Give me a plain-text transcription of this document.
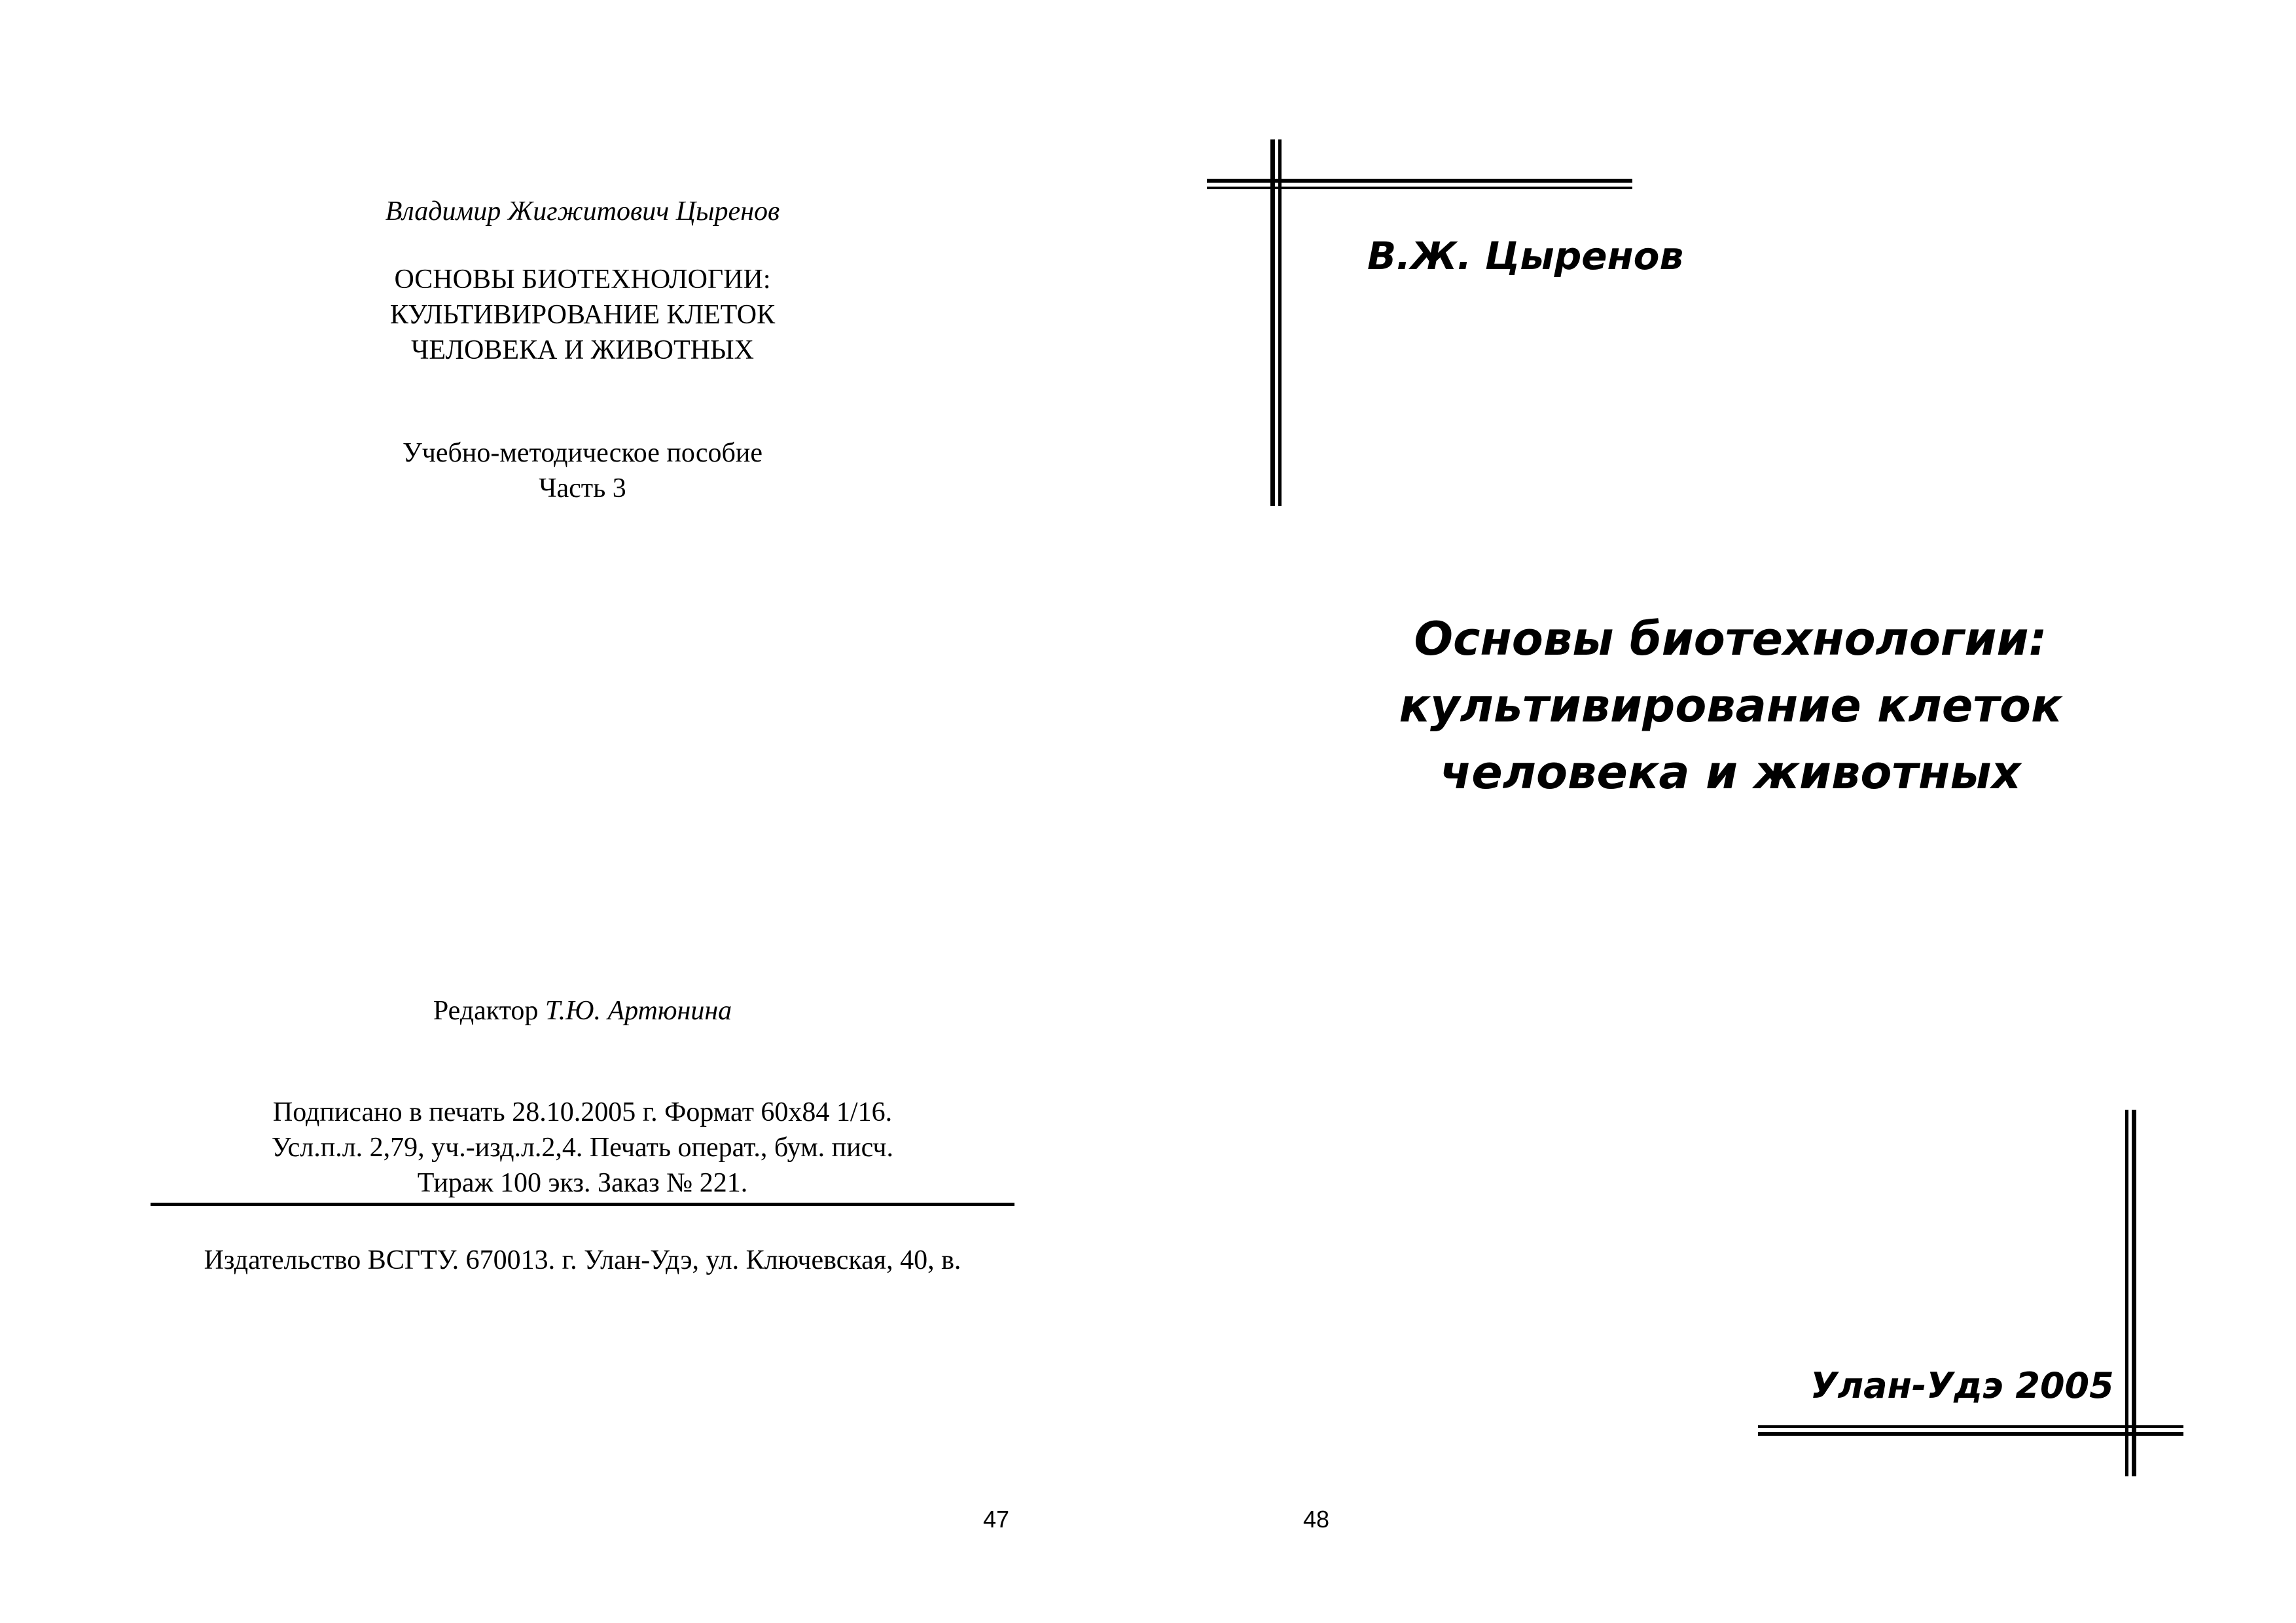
Владимир Жигжитович Цыренов
ОСНОВЫ БИОТЕХНОЛОГИИ:
КУЛЬТИВИРОВАНИЕ КЛЕТОК
ЧЕЛОВЕКА И ЖИВОТНЫХ
Учебно-методическое пособие
Часть 3
Редактор Т.Ю. Артюнина
Подписано в печать 28.10.2005 г. Формат 60х84 1/16.
Усл.п.л. 2,79, уч.-изд.л.2,4. Печать операт., бум. писч.
Тираж 100 экз. Заказ № 221.
Издательство ВСГТУ. 670013. г. Улан-Удэ, ул. Ключевская, 40, в.
47
В.Ж. Цыренов
Основы биотехнологии:
культивирование клеток
человека и животных
Улан-Удэ 2005
48
